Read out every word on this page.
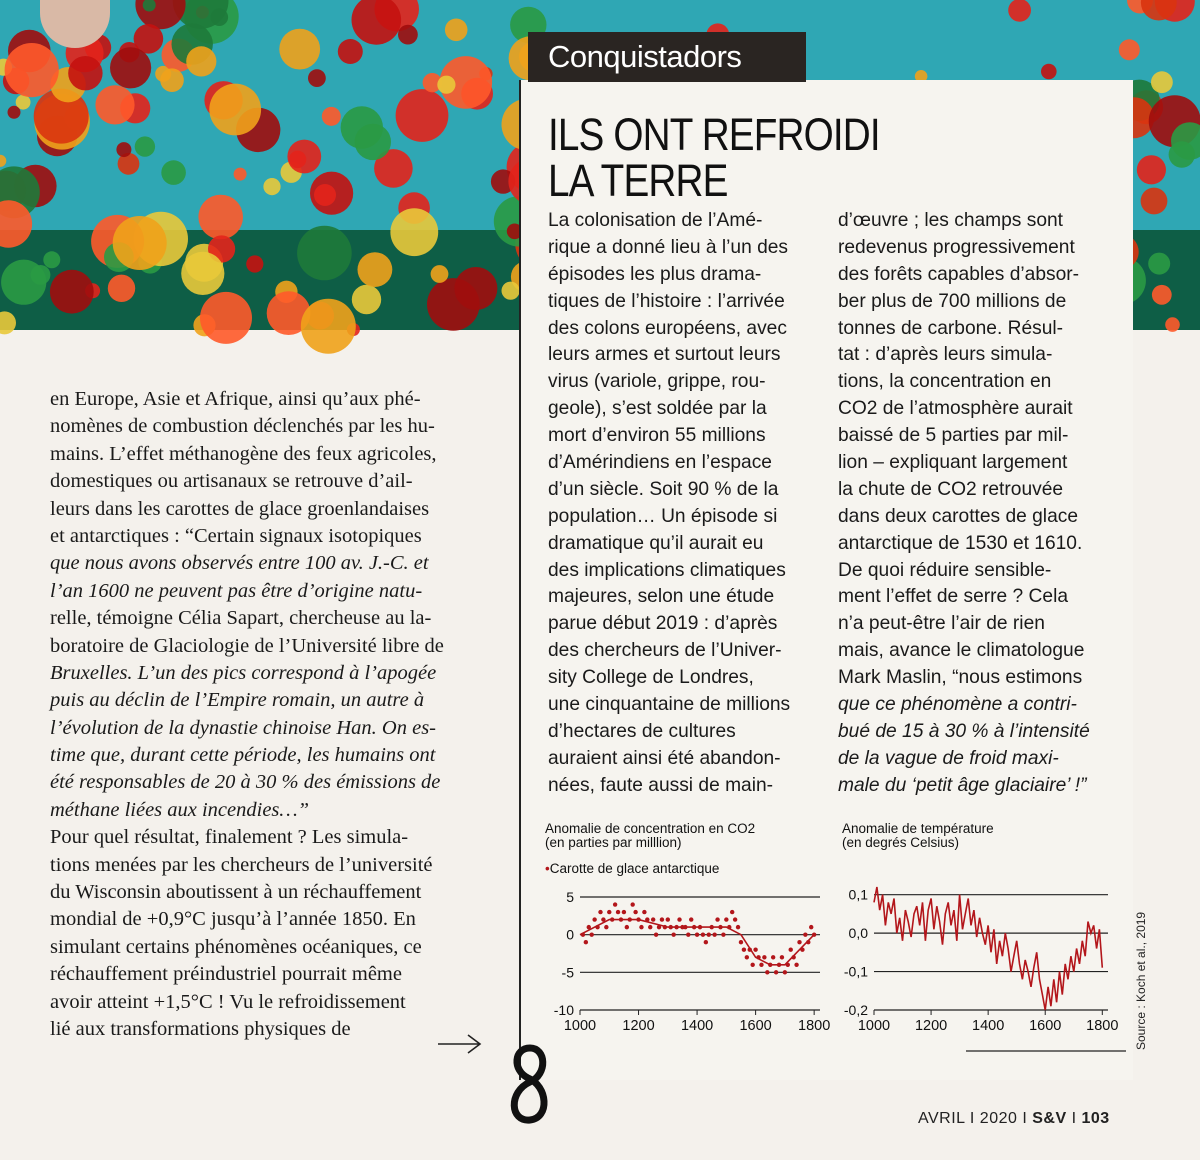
Conquistadors
ILS ONT REFROIDI
LA TERRE
La colonisation de l’Amé-
rique a donné lieu à l’un des
épisodes les plus drama-
tiques de l’histoire : l’arrivée
des colons européens, avec
leurs armes et surtout leurs
virus (variole, grippe, rou-
geole), s’est soldée par la
mort d’environ 55 millions
d’Amérindiens en l’espace
d’un siècle. Soit 90 % de la
population… Un épisode si
dramatique qu’il aurait eu
des implications climatiques
majeures, selon une étude
parue début 2019 : d’après
des chercheurs de l’Univer-
sity College de Londres,
une cinquantaine de millions
d’hectares de cultures
auraient ainsi été abandon-
nées, faute aussi de main-
d’œuvre ; les champs sont
redevenus progressivement
des forêts capables d’absor-
ber plus de 700 millions de
tonnes de carbone. Résul-
tat : d’après leurs simula-
tions, la concentration en
CO2 de l’atmosphère aurait
baissé de 5 parties par mil-
lion – expliquant largement
la chute de CO2 retrouvée
dans deux carottes de glace
antarctique de 1530 et 1610.
De quoi réduire sensible-
ment l’effet de serre ? Cela
n’a peut-être l’air de rien
mais, avance le climatologue
Mark Maslin, “nous estimons
que ce phénomène a contri-
bué de 15 à 30 % à l’intensité
de la vague de froid maxi-
male du ‘petit âge glaciaire’ !”
en Europe, Asie et Afrique, ainsi qu’aux phé-
nomènes de combustion déclenchés par les hu-
mains. L’effet méthanogène des feux agricoles,
domestiques ou artisanaux se retrouve d’ail-
leurs dans les carottes de glace groenlandaises
et antarctiques : “Certain signaux isotopiques
que nous avons observés entre 100 av. J.-C. et
l’an 1600 ne peuvent pas être d’origine natu-
relle, témoigne Célia Sapart, chercheuse au la-
boratoire de Glaciologie de l’Université libre de
Bruxelles. L’un des pics correspond à l’apogée
puis au déclin de l’Empire romain, un autre à
l’évolution de la dynastie chinoise Han. On es-
time que, durant cette période, les humains ont
été responsables de 20 à 30 % des émissions de
méthane liées aux incendies…”
Pour quel résultat, finalement ? Les simula-
tions menées par les chercheurs de l’université
du Wisconsin aboutissent à un réchauffement
mondial de +0,9°C jusqu’à l’année 1850. En
simulant certains phénomènes océaniques, ce
réchauffement préindustriel pourrait même
avoir atteint +1,5°C ! Vu le refroidissement
lié aux transformations physiques de
8
Anomalie de concentration en CO2
(en parties par milllion)
•Carotte de glace antarctique
5
0
-5
-10
1000 1200 1400 1600 1800
Anomalie de température
(en degrés Celsius)
0,1
0,0
-0,1
-0,2
1000 1200 1400 1600 1800 Source : Koch et al., 2019
AVRIL I 2020 I S&V I 103
